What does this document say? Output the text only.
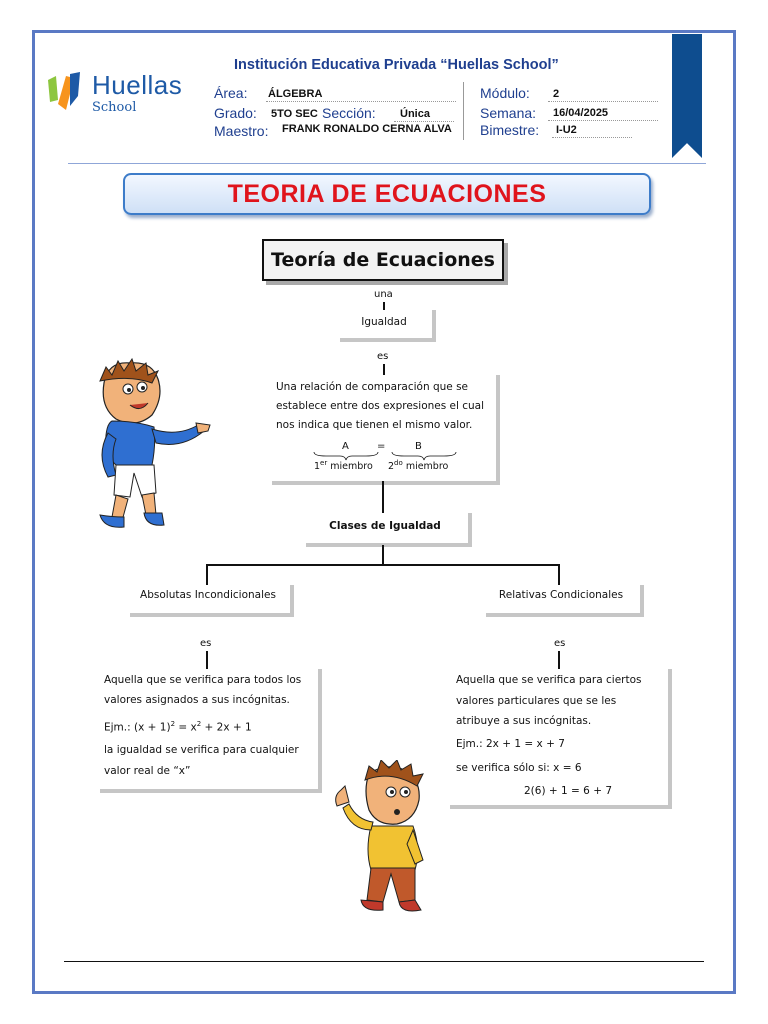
Huellas
School
Institución Educativa Privada “Huellas School”
Área: ÁLGEBRA
Grado: 5TO SEC Sección: Única
Maestro: FRANK RONALDO CERNA ALVA
Módulo: 2
Semana: 16/04/2025
Bimestre: I-U2
TEORIA DE ECUACIONES
Teoría de Ecuaciones
una
Igualdad
es
Una relación de comparación que se
establece entre dos expresiones el cual
nos indica que tienen el mismo valor.
A	=	B
1er miembro $2^{do}$ miembro
Clases de Igualdad
Absolutas Incondicionales
es
Aquella que se verifica para todos los
valores asignados a sus incógnitas.
Ejm.: $(x + 1)^2 = x^2 + 2x + 1$
la igualdad se verifica para cualquier
valor real de “x”
Relativas Condicionales
es
Aquella que se verifica para ciertos
valores particulares que se les
atribuye a sus incógnitas.
Ejm.: 2x + 1 = x + 7
se verifica sólo si: x = 6
2(6) + 1 = 6 + 7
